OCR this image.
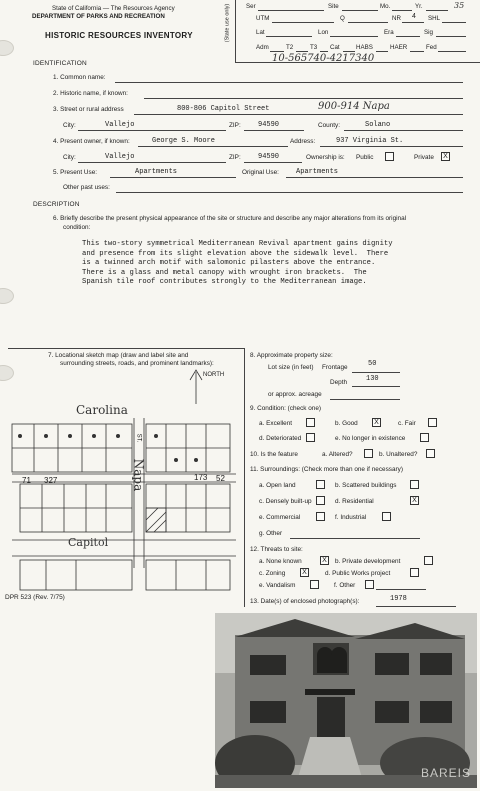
State of California — The Resources Agency
DEPARTMENT OF PARKS AND RECREATION
HISTORIC RESOURCES INVENTORY	(State use only)	Ser	Site	Mo.	Yr.	35
UTM	Q	NR 4 SHL
Lat	Lon	Era	Sig
Adm	T2	T3 Cat	HABS	HAER	Fed
10-565740-4217340
IDENTIFICATION
1. Common name:
2. Historic name, if known:
3. Street or rural address	800-806 Capitol Street	900-914 Napa
City:	Vallejo	ZIP: 94590	County:	Solano
4. Present owner, if known:	George S. Moore	Address:	937 Virginia St.
City:	Vallejo	ZIP: 94590	Ownership is: Public	Private	X
5. Present Use:	Apartments	Original Use: Apartments
Other past uses:
DESCRIPTION
6. Briefly describe the present physical appearance of the site or structure and describe any major alterations from its original
condition:
This two-story symmetrical Mediterranean Revival apartment gains dignity
and presence from its slight elevation above the sidewalk level.  There
is a twinned arch motif with salomonic pilasters above the entrance.
There is a glass and metal canopy with wrought iron brackets.  The
Spanish tile roof contributes strongly to the Mediterranean image.
7. Locational sketch map (draw and label site and
surrounding streets, roads, and prominent landmarks):
NORTH
Carolina
Napa
ST.
Capitol
71 327	173 52
DPR 523 (Rev. 7/75)
8. Approximate property size:
Lot size (in feet) Frontage	50
Depth	130
or approx. acreage
9. Condition: (check one)
a. Excellent	b. Good	X	c. Fair
d. Deteriorated	e. No longer in existence
10. Is the feature	a. Altered?	b. Unaltered?
11. Surroundings: (Check more than one if necessary)
a. Open land	b. Scattered buildings
c. Densely built-up	d. Residential	X
e. Commercial	f. Industrial
g. Other
12. Threats to site:
a. None known	X	b. Private development
c. Zoning	X	d. Public Works project
e. Vandalism	f. Other
13. Date(s) of enclosed photograph(s):	1978
BAREIS
